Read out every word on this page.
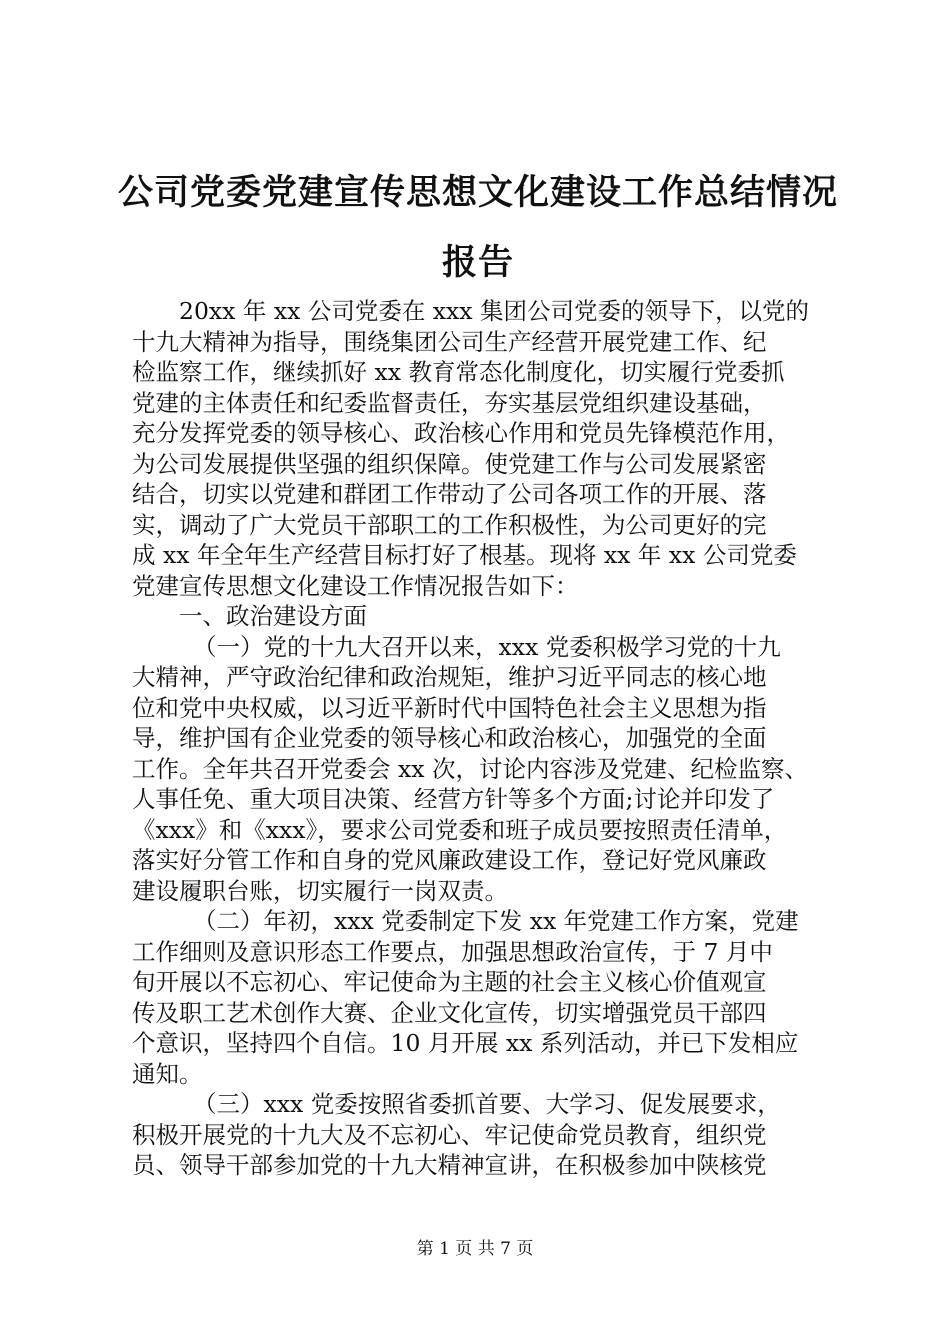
公司党委党建宣传思想文化建设工作总结情况
报告
20xx 年 xx 公司党委在 xxx 集团公司党委的领导下，以党的
十九大精神为指导，围绕集团公司生产经营开展党建工作、纪
检监察工作，继续抓好 xx 教育常态化制度化，切实履行党委抓
党建的主体责任和纪委监督责任，夯实基层党组织建设基础，
充分发挥党委的领导核心、政治核心作用和党员先锋模范作用，
为公司发展提供坚强的组织保障。使党建工作与公司发展紧密
结合，切实以党建和群团工作带动了公司各项工作的开展、落
实，调动了广大党员干部职工的工作积极性，为公司更好的完
成 xx 年全年生产经营目标打好了根基。现将 xx 年 xx 公司党委
党建宣传思想文化建设工作情况报告如下：
一、政治建设方面
（一）党的十九大召开以来，xxx 党委积极学习党的十九
大精神，严守政治纪律和政治规矩，维护习近平同志的核心地
位和党中央权威，以习近平新时代中国特色社会主义思想为指
导，维护国有企业党委的领导核心和政治核心，加强党的全面
工作。全年共召开党委会 xx 次，讨论内容涉及党建、纪检监察、
人事任免、重大项目决策、经营方针等多个方面;讨论并印发了
《xxx》和《xxx》，要求公司党委和班子成员要按照责任清单，
落实好分管工作和自身的党风廉政建设工作，登记好党风廉政
建设履职台账，切实履行一岗双责。
（二）年初，xxx 党委制定下发 xx 年党建工作方案，党建
工作细则及意识形态工作要点，加强思想政治宣传，于 7 月中
旬开展以不忘初心、牢记使命为主题的社会主义核心价值观宣
传及职工艺术创作大赛、企业文化宣传，切实增强党员干部四
个意识，坚持四个自信。10 月开展 xx 系列活动，并已下发相应
通知。
（三）xxx 党委按照省委抓首要、大学习、促发展要求，
积极开展党的十九大及不忘初心、牢记使命党员教育，组织党
员、领导干部参加党的十九大精神宣讲，在积极参加中陕核党
第 1 页 共 7 页
